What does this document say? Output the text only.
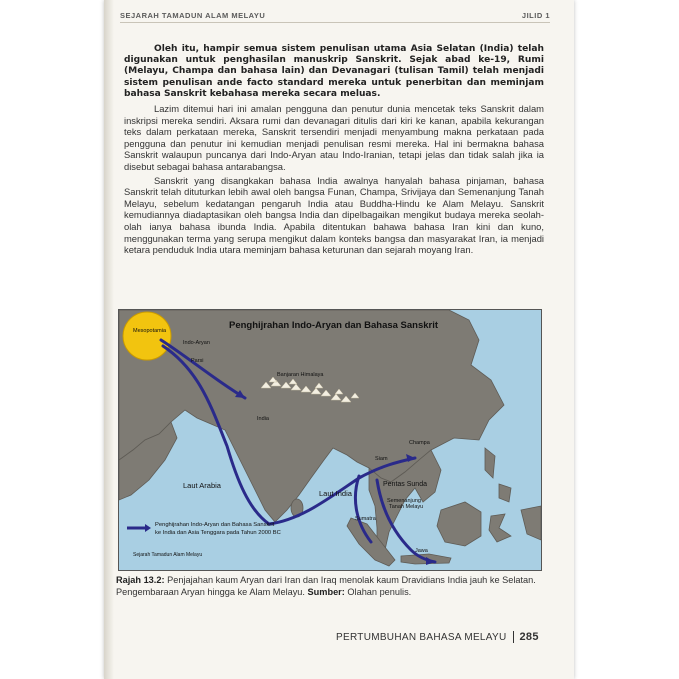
SEJARAH TAMADUN ALAM MELAYU	JILID 1

Oleh itu, hampir semua sistem penulisan utama Asia Selatan (India) telah digunakan untuk penghasilan manuskrip Sanskrit. Sejak abad ke-19, Rumi (Melayu, Champa dan bahasa lain) dan Devanagari (tulisan Tamil) telah menjadi sistem penulisan ande facto standard mereka untuk penerbitan dan meminjam bahasa Sanskrit kebahasa mereka secara meluas.

Lazim ditemui hari ini amalan pengguna dan penutur dunia mencetak teks Sanskrit dalam inskripsi mereka sendiri. Aksara rumi dan devanagari ditulis dari kiri ke kanan, apabila kekurangan teks dalam perkataan mereka, Sanskrit tersendiri menjadi menyambung makna perkataan pada pengguna dan penutur ini kemudian menjadi penulisan resmi mereka. Hal ini bermakna bahasa Sanskrit walaupun puncanya dari Indo-Aryan atau Indo-Iranian, tetapi jelas dan tidak salah jika ia disebut sebagai bahasa antarabangsa.

Sanskrit yang disangkakan bahasa India awalnya hanyalah bahasa pinjaman, bahasa Sanskrit telah dituturkan lebih awal oleh bangsa Funan, Champa, Srivijaya dan Semenanjung Tanah Melayu, sebelum kedatangan pengaruh India atau Buddha-Hindu ke Alam Melayu. Sanskrit kemudiannya diadaptasikan oleh bangsa India dan dipelbagaikan mengikut budaya mereka seolah-olah ianya bahasa ibunda India. Apabila ditentukan bahawa bahasa Iran kini dan kuno, menggunakan terma yang serupa mengikut dalam konteks bangsa dan masyarakat Iran, ia menjadi ketara penduduk India utara meminjam bahasa keturunan dan sejarah moyang Iran.

Penghijrahan Indo-Aryan dan Bahasa Sanskrit
Mesopotamia
Indo-Aryan
Parsi
Banjaran Himalaya
India
Siam
Champa
Pentas Sunda
Semenanjung
Tanah Melayu
Sumatra
Jawa
Laut Arabia
Laut India
Penghijrahan Indo-Aryan dan Bahasa Sanskrit
ke India dan Asia Tenggara pada Tahun 2000 BC
Sejarah Tamadun Alam Melayu
Rajah 13.2: Penjajahan kaum Aryan dari Iran dan Iraq menolak kaum Dravidians India jauh ke Selatan. Pengembaraan Aryan hingga ke Alam Melayu. Sumber: Olahan penulis.
PERTUMBUHAN BAHASA MELAYU 285
